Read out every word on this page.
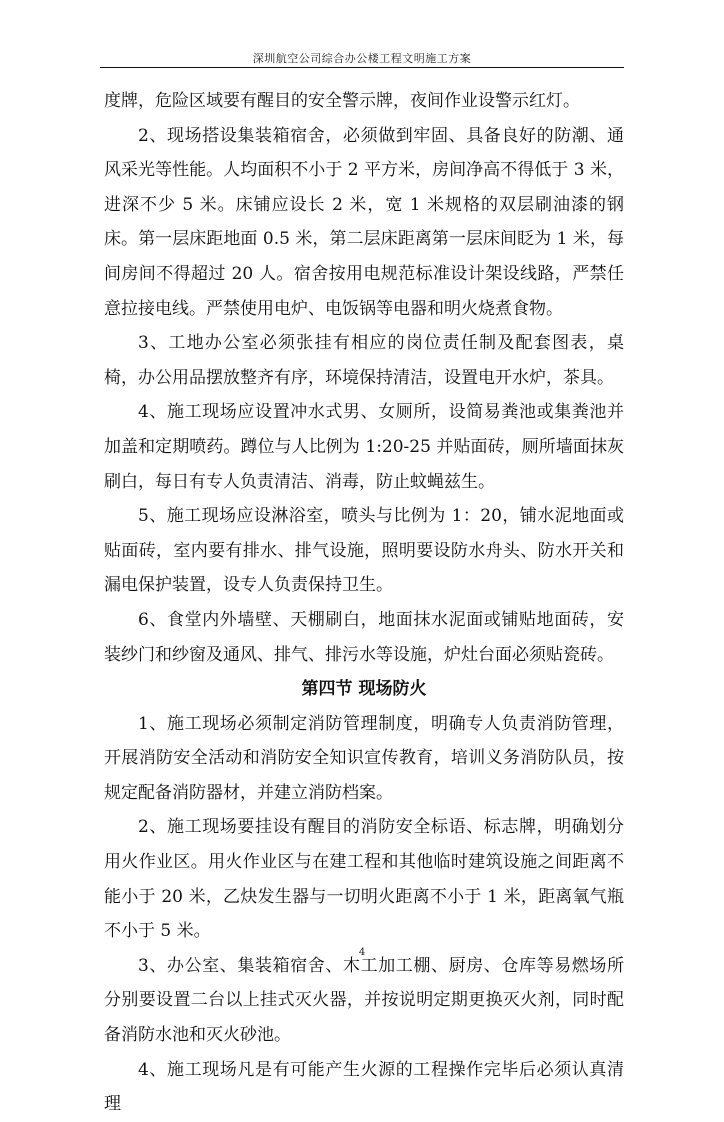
深圳航空公司综合办公楼工程文明施工方案

度牌，危险区域要有醒目的安全警示牌，夜间作业设警示红灯。

2、现场搭设集装箱宿舍，必须做到牢固、具备良好的防潮、通风采光等性能。人均面积不小于 2 平方米，房间净高不得低于 3 米，进深不少 5 米。床铺应设长 2 米，宽 1 米规格的双层刷油漆的钢床。第一层床距地面 0.5 米，第二层床距离第一层床间眨为 1 米，每间房间不得超过 20 人。宿舍按用电规范标准设计架设线路，严禁任意拉接电线。严禁使用电炉、电饭锅等电器和明火烧煮食物。

3、工地办公室必须张挂有相应的岗位责任制及配套图表，桌椅，办公用品摆放整齐有序，环境保持清洁，设置电开水炉，茶具。

4、施工现场应设置冲水式男、女厕所，设简易粪池或集粪池并加盖和定期喷药。蹲位与人比例为 1:20-25 并贴面砖，厕所墙面抹灰刷白，每日有专人负责清洁、消毒，防止蚊蝇兹生。

5、施工现场应设淋浴室，喷头与比例为 1：20，铺水泥地面或贴面砖，室内要有排水、排气设施，照明要设防水舟头、防水开关和漏电保护装置，设专人负责保持卫生。

6、食堂内外墙壁、天棚刷白，地面抹水泥面或铺贴地面砖，安装纱门和纱窗及通风、排气、排污水等设施，炉灶台面必须贴瓷砖。

第四节 现场防火

1、施工现场必须制定消防管理制度，明确专人负责消防管理，开展消防安全活动和消防安全知识宣传教育，培训义务消防队员，按规定配备消防器材，并建立消防档案。

2、施工现场要挂设有醒目的消防安全标语、标志牌，明确划分用火作业区。用火作业区与在建工程和其他临时建筑设施之间距离不能小于 20 米，乙炔发生器与一切明火距离不小于 1 米，距离氧气瓶不小于 5 米。

3、办公室、集装箱宿舍、木工加工棚、厨房、仓库等易燃场所分别要设置二台以上挂式灭火器，并按说明定期更换灭火剂，同时配备消防水池和灭火砂池。

4、施工现场凡是有可能产生火源的工程操作完毕后必须认真清理

4
